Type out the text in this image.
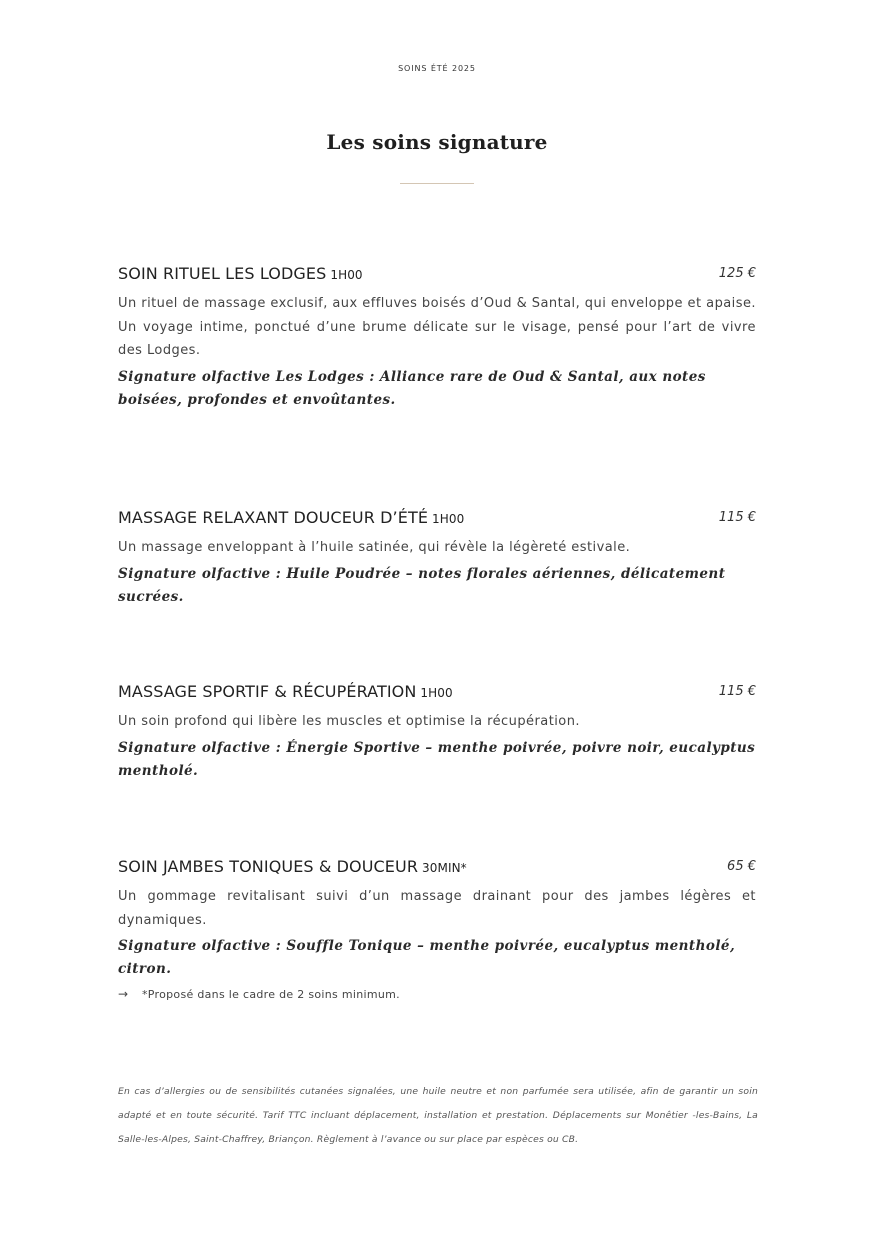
SOINS ÉTÉ 2025
Les soins signature
SOIN RITUEL LES LODGES 1H00	125 €
Un rituel de massage exclusif, aux effluves boisés d’Oud & Santal, qui enveloppe et apaise. Un voyage intime, ponctué d’une brume délicate sur le visage, pensé pour l’art de vivre des Lodges.
Signature olfactive Les Lodges : Alliance rare de Oud & Santal, aux notes boisées, profondes et envoûtantes.
MASSAGE RELAXANT DOUCEUR D’ÉTÉ 1H00	115 €
Un massage enveloppant à l’huile satinée, qui révèle la légèreté estivale.
Signature olfactive : Huile Poudrée – notes florales aériennes, délicatement sucrées.
MASSAGE SPORTIF & RÉCUPÉRATION 1H00	115 €
Un soin profond qui libère les muscles et optimise la récupération.
Signature olfactive : Énergie Sportive – menthe poivrée, poivre noir, eucalyptus mentholé.
SOIN JAMBES TONIQUES & DOUCEUR 30MIN*	65 €
Un gommage revitalisant suivi d’un massage drainant pour des jambes légères et dynamiques.
Signature olfactive : Souffle Tonique – menthe poivrée, eucalyptus mentholé, citron.
→ *Proposé dans le cadre de 2 soins minimum.
En cas d’allergies ou de sensibilités cutanées signalées, une huile neutre et non parfumée sera utilisée, afin de garantir un soin adapté et en toute sécurité. Tarif TTC incluant déplacement, installation et prestation. Déplacements sur Monêtier -les-Bains, La Salle-les-Alpes, Saint-Chaffrey, Briançon. Règlement à l’avance ou sur place par espèces ou CB.
